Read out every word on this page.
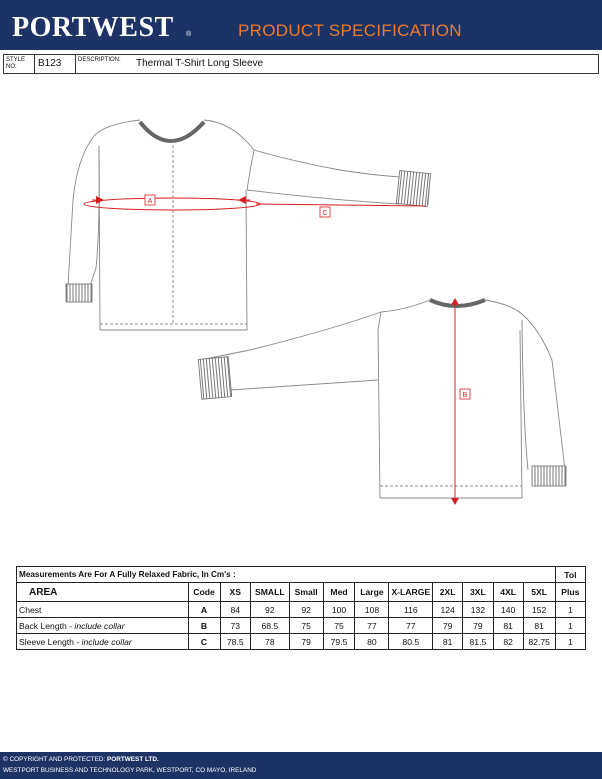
PORTWEST ®	PRODUCT SPECIFICATION
STYLE NO:	B123	DESCRIPTION: Thermal T-Shirt Long Sleeve
A
B
C
Measurements Are For A Fully Relaxed Fabric, In Cm's :												Tol
AREA	Code	XS	SMALL	Small	Med	Large	X-LARGE	2XL	3XL	4XL	5XL	Plus
Chest	A	84	92	92	100	108	116	124	132	140	152	1
Back Length - include collar	B	73	68.5	75	75	77	77	79	79	81	81	1
Sleeve Length - include collar	C	78.5	78	79	79.5	80	80.5	81	81.5	82	82.75	1
© COPYRIGHT AND PROTECTED: PORTWEST LTD.
WESTPORT BUSINESS AND TECHNOLOGY PARK, WESTPORT, CO MAYO, IRELAND
